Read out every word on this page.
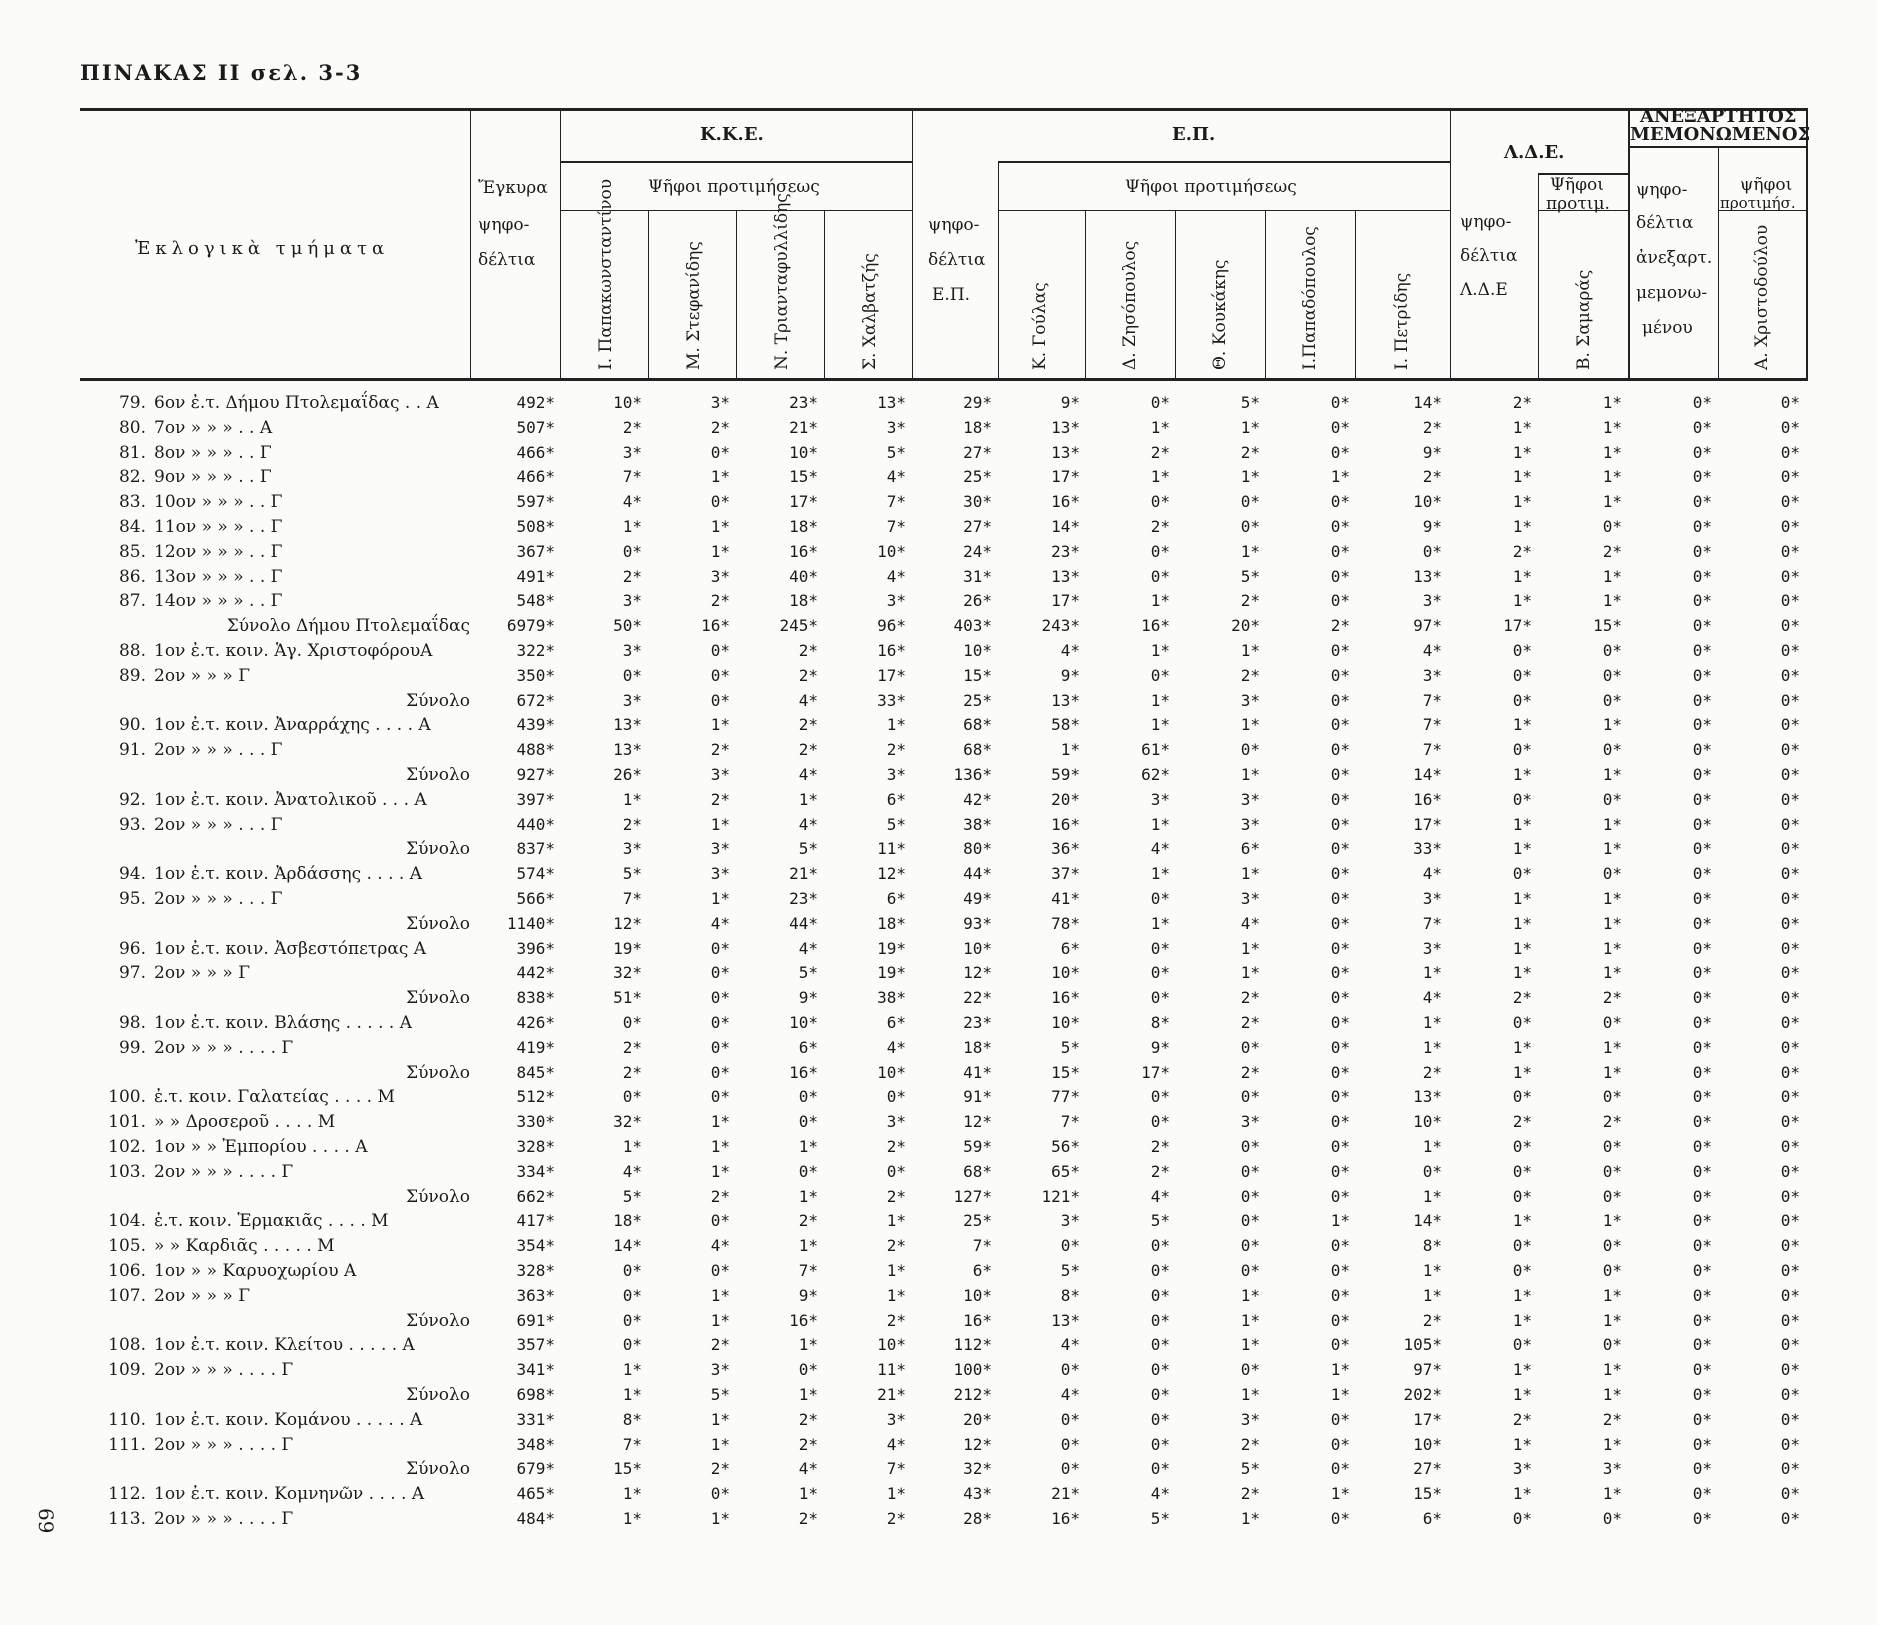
ΠΙΝΑΚΑΣ ΙΙ σελ. 3-3
69
Ἐκλογικὰ τμήματα
Ἔγκυρα
ψηφο-
δέλτια
Κ.Κ.Ε.
Ψῆφοι προτιμήσεως
Ι. Παπακωνσταντίνου	Μ. Στεφανίδης	Ν. Τριανταφυλλίδης	Σ. Χαλβατζής
Ε.Π.
ψηφο-
δέλτια
Ε.Π.
Ψῆφοι προτιμήσεως
Κ. Γούλας	Δ. Ζησόπουλος	Θ. Κουκάκης	Ι.Παπαδόπουλος	Ι. Πετρίδης
Λ.Δ.Ε.
ψηφο-
δέλτια
Λ.Δ.Ε
Ψῆφοι
προτιμ.
Β. Σαμαράς
ΑΝΕΞΑΡΤΗΤΟΣ
ΜΕΜΟΝΩΜΕΝΟΣ
ψηφο-
δέλτια
ἀνεξαρτ.
μεμονω-
μένου
ψῆφοι
προτιμήσ.
Α. Χριστοδούλου
79. 6ον ἐ.τ. Δήμου Πτολεμαΐδας . . Α	492*	10*	3*	23*	13*	29*	9*	0*	5*	0*	14*	2*	1*	0*	0*
80. 7ον » » » . . Α	507*	2*	2*	21*	3*	18*	13*	1*	1*	0*	2*	1*	1*	0*	0*
81. 8ον » » » . . Γ	466*	3*	0*	10*	5*	27*	13*	2*	2*	0*	9*	1*	1*	0*	0*
82. 9ον » » » . . Γ	466*	7*	1*	15*	4*	25*	17*	1*	1*	1*	2*	1*	1*	0*	0*
83. 10ον » » » . . Γ	597*	4*	0*	17*	7*	30*	16*	0*	0*	0*	10*	1*	1*	0*	0*
84. 11ον » » » . . Γ	508*	1*	1*	18*	7*	27*	14*	2*	0*	0*	9*	1*	0*	0*	0*
85. 12ον » » » . . Γ	367*	0*	1*	16*	10*	24*	23*	0*	1*	0*	0*	2*	2*	0*	0*
86. 13ον » » » . . Γ	491*	2*	3*	40*	4*	31*	13*	0*	5*	0*	13*	1*	1*	0*	0*
87. 14ον » » » . . Γ	548*	3*	2*	18*	3*	26*	17*	1*	2*	0*	3*	1*	1*	0*	0*
Σύνολο Δήμου Πτολεμαΐδας 6979*	50*	16*	245*	96*	403*	243*	16*	20*	2*	97*	17*	15*	0*	0*
88. 1ον ἐ.τ. κοιν. Ἁγ. ΧριστοφόρουΑ	322*	3*	0*	2*	16*	10*	4*	1*	1*	0*	4*	0*	0*	0*	0*
89. 2ον » » » Γ	350*	0*	0*	2*	17*	15*	9*	0*	2*	0*	3*	0*	0*	0*	0*
Σύνολο	672*	3*	0*	4*	33*	25*	13*	1*	3*	0*	7*	0*	0*	0*	0*
90. 1ον ἐ.τ. κοιν. Ἀναρράχης . . . . Α	439*	13*	1*	2*	1*	68*	58*	1*	1*	0*	7*	1*	1*	0*	0*
91. 2ον » » » . . . Γ	488*	13*	2*	2*	2*	68*	1*	61*	0*	0*	7*	0*	0*	0*	0*
Σύνολο	927*	26*	3*	4*	3*	136*	59*	62*	1*	0*	14*	1*	1*	0*	0*
92. 1ον ἐ.τ. κοιν. Ἀνατολικοῦ . . . Α	397*	1*	2*	1*	6*	42*	20*	3*	3*	0*	16*	0*	0*	0*	0*
93. 2ον » » » . . . Γ	440*	2*	1*	4*	5*	38*	16*	1*	3*	0*	17*	1*	1*	0*	0*
Σύνολο	837*	3*	3*	5*	11*	80*	36*	4*	6*	0*	33*	1*	1*	0*	0*
94. 1ον ἐ.τ. κοιν. Ἀρδάσσης . . . . Α	574*	5*	3*	21*	12*	44*	37*	1*	1*	0*	4*	0*	0*	0*	0*
95. 2ον » » » . . . Γ	566*	7*	1*	23*	6*	49*	41*	0*	3*	0*	3*	1*	1*	0*	0*
Σύνολο 1140*	12*	4*	44*	18*	93*	78*	1*	4*	0*	7*	1*	1*	0*	0*
96. 1ον ἐ.τ. κοιν. Ἀσβεστόπετρας Α	396*	19*	0*	4*	19*	10*	6*	0*	1*	0*	3*	1*	1*	0*	0*
97. 2ον » » » Γ	442*	32*	0*	5*	19*	12*	10*	0*	1*	0*	1*	1*	1*	0*	0*
Σύνολο	838*	51*	0*	9*	38*	22*	16*	0*	2*	0*	4*	2*	2*	0*	0*
98. 1ον ἐ.τ. κοιν. Βλάσης . . . . . Α	426*	0*	0*	10*	6*	23*	10*	8*	2*	0*	1*	0*	0*	0*	0*
99. 2ον » » » . . . . Γ	419*	2*	0*	6*	4*	18*	5*	9*	0*	0*	1*	1*	1*	0*	0*
Σύνολο	845*	2*	0*	16*	10*	41*	15*	17*	2*	0*	2*	1*	1*	0*	0*
100. ἐ.τ. κοιν. Γαλατείας . . . . Μ	512*	0*	0*	0*	0*	91*	77*	0*	0*	0*	13*	0*	0*	0*	0*
101. » » Δροσεροῦ . . . . Μ	330*	32*	1*	0*	3*	12*	7*	0*	3*	0*	10*	2*	2*	0*	0*
102. 1ον » » Ἐμπορίου . . . . Α	328*	1*	1*	1*	2*	59*	56*	2*	0*	0*	1*	0*	0*	0*	0*
103. 2ον » » » . . . . Γ	334*	4*	1*	0*	0*	68*	65*	2*	0*	0*	0*	0*	0*	0*	0*
Σύνολο	662*	5*	2*	1*	2*	127*	121*	4*	0*	0*	1*	0*	0*	0*	0*
104. ἐ.τ. κοιν. Ἑρμακιᾶς . . . . Μ	417*	18*	0*	2*	1*	25*	3*	5*	0*	1*	14*	1*	1*	0*	0*
105. » » Καρδιᾶς . . . . . Μ	354*	14*	4*	1*	2*	7*	0*	0*	0*	0*	8*	0*	0*	0*	0*
106. 1ον » » Καρυοχωρίου Α	328*	0*	0*	7*	1*	6*	5*	0*	0*	0*	1*	0*	0*	0*	0*
107. 2ον » » » Γ	363*	0*	1*	9*	1*	10*	8*	0*	1*	0*	1*	1*	1*	0*	0*
Σύνολο	691*	0*	1*	16*	2*	16*	13*	0*	1*	0*	2*	1*	1*	0*	0*
108. 1ον ἐ.τ. κοιν. Κλείτου . . . . . Α	357*	0*	2*	1*	10*	112*	4*	0*	1*	0*	105*	0*	0*	0*	0*
109. 2ον » » » . . . . Γ	341*	1*	3*	0*	11*	100*	0*	0*	0*	1*	97*	1*	1*	0*	0*
Σύνολο	698*	1*	5*	1*	21*	212*	4*	0*	1*	1*	202*	1*	1*	0*	0*
110. 1ον ἐ.τ. κοιν. Κομάνου . . . . . Α	331*	8*	1*	2*	3*	20*	0*	0*	3*	0*	17*	2*	2*	0*	0*
111. 2ον » » » . . . . Γ	348*	7*	1*	2*	4*	12*	0*	0*	2*	0*	10*	1*	1*	0*	0*
Σύνολο	679*	15*	2*	4*	7*	32*	0*	0*	5*	0*	27*	3*	3*	0*	0*
112. 1ον ἐ.τ. κοιν. Κομνηνῶν . . . . Α	465*	1*	0*	1*	1*	43*	21*	4*	2*	1*	15*	1*	1*	0*	0*
113. 2ον » » » . . . . Γ	484*	1*	1*	2*	2*	28*	16*	5*	1*	0*	6*	0*	0*	0*	0*
